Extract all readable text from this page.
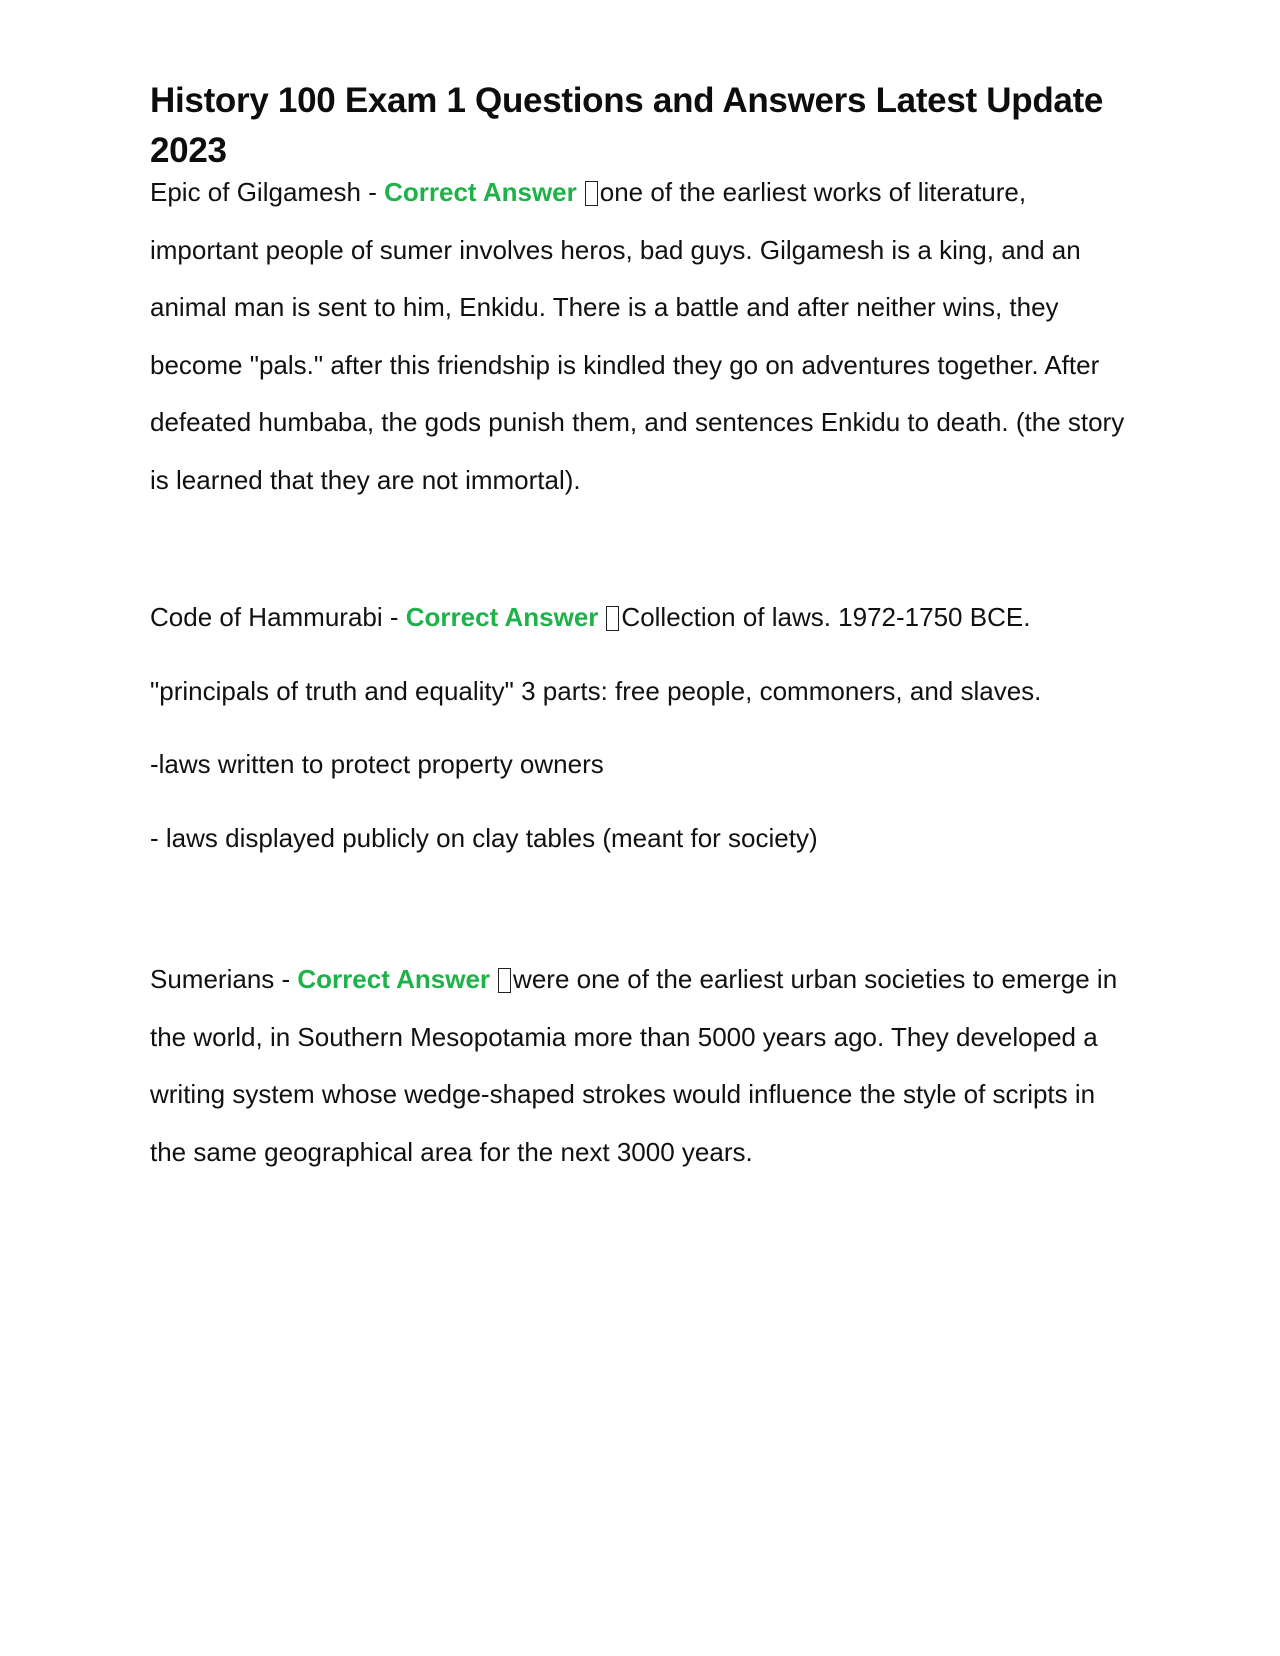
History 100 Exam 1 Questions and Answers Latest Update 2023

Epic of Gilgamesh - Correct Answer one of the earliest works of literature, important people of sumer involves heros, bad guys. Gilgamesh is a king, and an animal man is sent to him, Enkidu. There is a battle and after neither wins, they become "pals." after this friendship is kindled they go on adventures together. After defeated humbaba, the gods punish them, and sentences Enkidu to death. (the story is learned that they are not immortal).

Code of Hammurabi - Correct Answer Collection of laws. 1972-1750 BCE.

"principals of truth and equality" 3 parts: free people, commoners, and slaves.

-laws written to protect property owners

- laws displayed publicly on clay tables (meant for society)

Sumerians - Correct Answer were one of the earliest urban societies to emerge in the world, in Southern Mesopotamia more than 5000 years ago. They developed a writing system whose wedge-shaped strokes would influence the style of scripts in the same geographical area for the next 3000 years.
